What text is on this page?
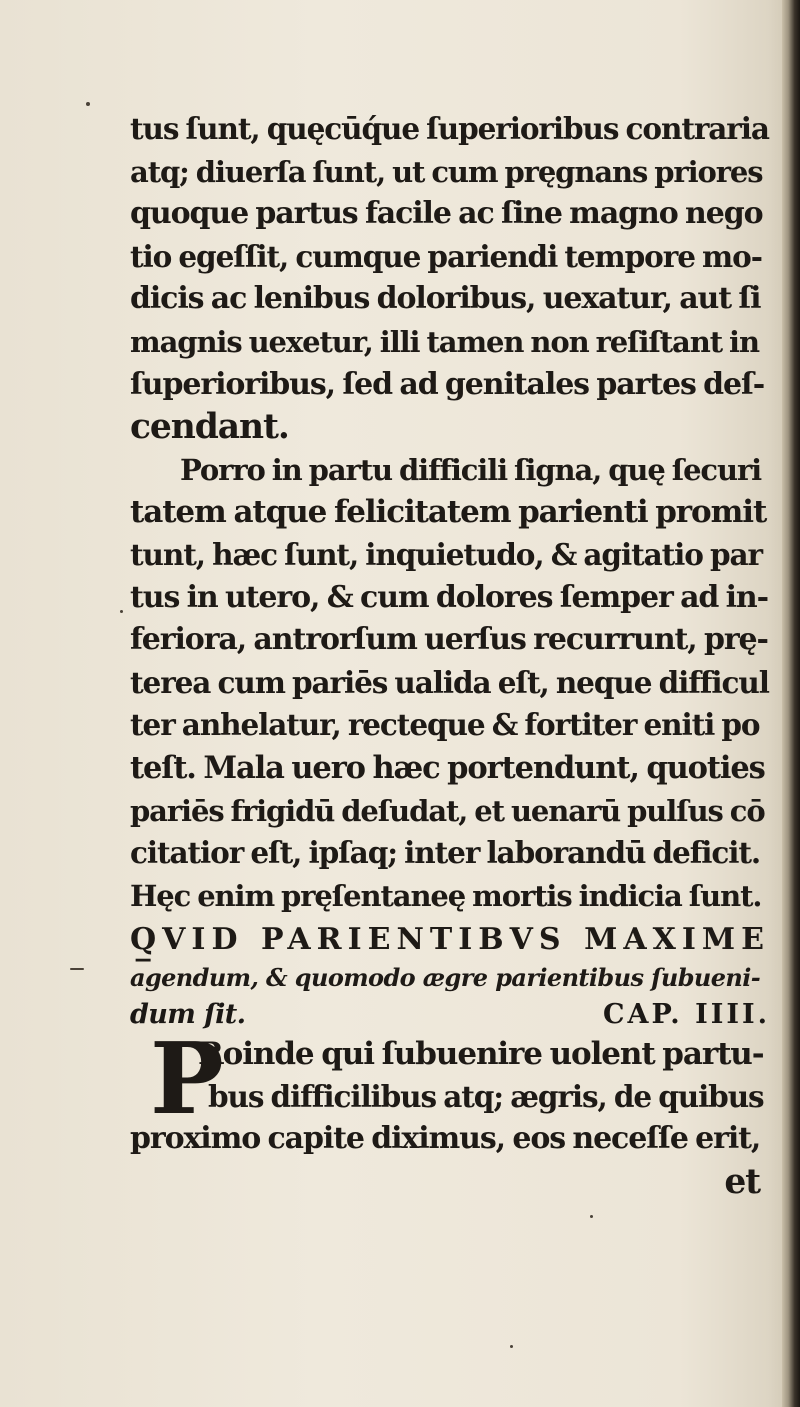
tus ſunt, quęcūq́ue ſuperioribus contraria
atq; diuerſa ſunt, ut cum pręgnans priores
quoque partus facile ac ſine magno nego
tio egeſſit, cumque pariendi tempore mo-
dicis ac lenibus doloribus, uexatur, aut ſi
magnis uexetur, illi tamen non reſiſtant in
ſuperioribus, ſed ad genitales partes deſ-
cendant.
Porro in partu difficili ſigna, quę ſecuri
tatem atque felicitatem parienti promit
tunt, hæc ſunt, inquietudo, & agitatio par
tus in utero, & cum dolores ſemper ad in-
feriora, antrorſum uerſus recurrunt, prę-
terea cum pariēs ualida eſt, neque difficul
ter anhelatur, recteque & fortiter eniti po
teſt. Mala uero hæc portendunt, quoties
pariēs frigidū deſudat, et uenarū pulſus cō
citatior eſt, ipſaq; inter laborandū deficit.
Hęc enim pręſentaneę mortis indicia ſunt.
Q̲VID PARIENTIBVS MAXIME
agendum, & quomodo ægre parientibus ſubueni-
dum ſit.	CAP. IIII.
P
Roinde qui ſubuenire uolent partu-
bus difficilibus atq; ægris, de quibus
proximo capite diximus, eos neceſſe erit,
et
